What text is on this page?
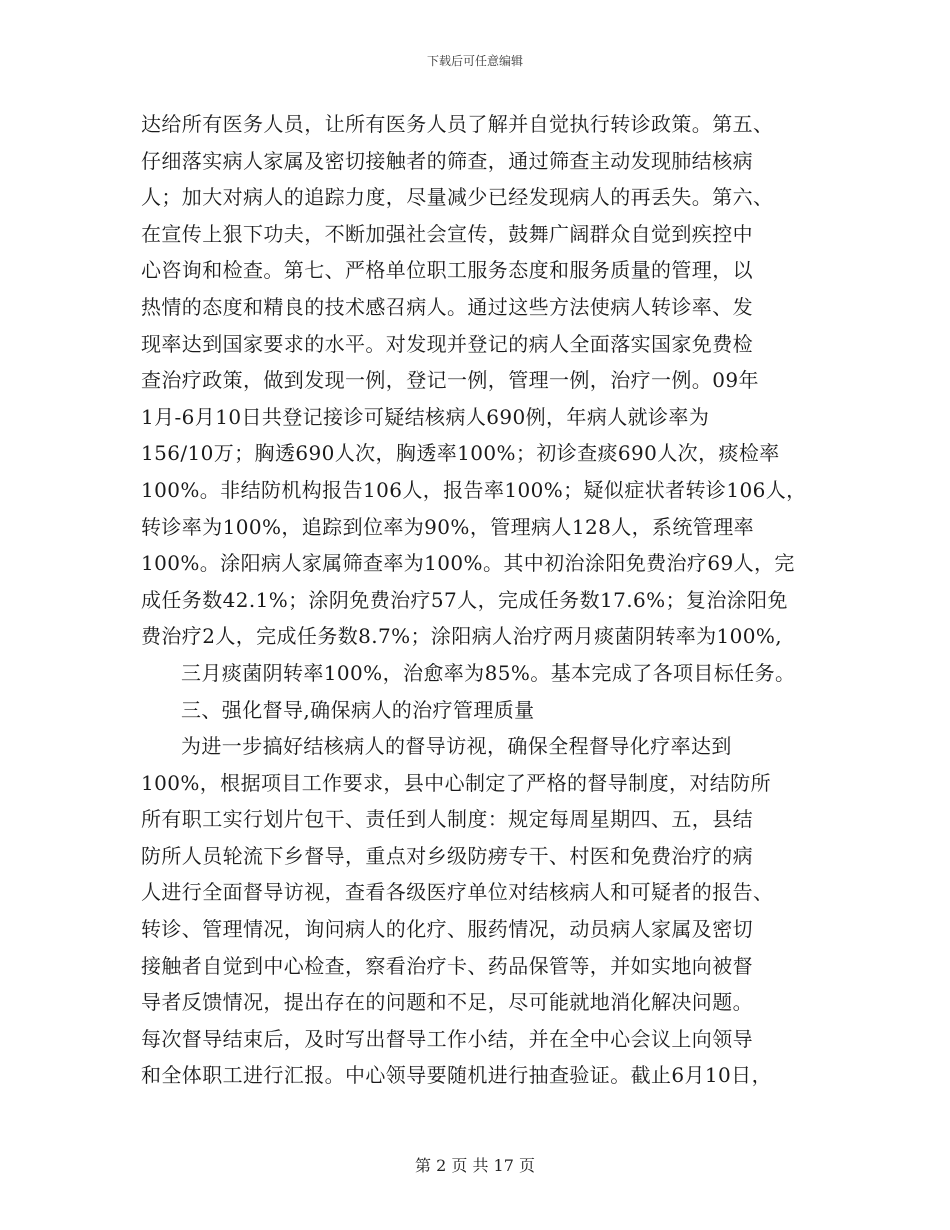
下载后可任意编辑
达给所有医务人员，让所有医务人员了解并自觉执行转诊政策。第五、
仔细落实病人家属及密切接触者的筛查，通过筛查主动发现肺结核病
人；加大对病人的追踪力度，尽量减少已经发现病人的再丢失。第六、
在宣传上狠下功夫，不断加强社会宣传，鼓舞广阔群众自觉到疾控中
心咨询和检查。第七、严格单位职工服务态度和服务质量的管理，以
热情的态度和精良的技术感召病人。通过这些方法使病人转诊率、发
现率达到国家要求的水平。对发现并登记的病人全面落实国家免费检
查治疗政策，做到发现一例，登记一例，管理一例，治疗一例。09年
1月-6月10日共登记接诊可疑结核病人690例，年病人就诊率为
156/10万；胸透690人次，胸透率100%；初诊查痰690人次，痰检率
100%。非结防机构报告106人，报告率100%；疑似症状者转诊106人，
转诊率为100%，追踪到位率为90%，管理病人128人，系统管理率
100%。涂阳病人家属筛查率为100%。其中初治涂阳免费治疗69人，完
成任务数42.1%；涂阴免费治疗57人，完成任务数17.6%；复治涂阳免
费治疗2人，完成任务数8.7%；涂阳病人治疗两月痰菌阴转率为100%,
三月痰菌阴转率100%，治愈率为85%。基本完成了各项目标任务。
三、强化督导,确保病人的治疗管理质量
为进一步搞好结核病人的督导访视，确保全程督导化疗率达到
100%，根据项目工作要求，县中心制定了严格的督导制度，对结防所
所有职工实行划片包干、责任到人制度：规定每周星期四、五，县结
防所人员轮流下乡督导，重点对乡级防痨专干、村医和免费治疗的病
人进行全面督导访视，查看各级医疗单位对结核病人和可疑者的报告、
转诊、管理情况，询问病人的化疗、服药情况，动员病人家属及密切
接触者自觉到中心检查，察看治疗卡、药品保管等，并如实地向被督
导者反馈情况，提出存在的问题和不足，尽可能就地消化解决问题。
每次督导结束后，及时写出督导工作小结，并在全中心会议上向领导
和全体职工进行汇报。中心领导要随机进行抽查验证。截止6月10日，
第 2 页 共 17 页
